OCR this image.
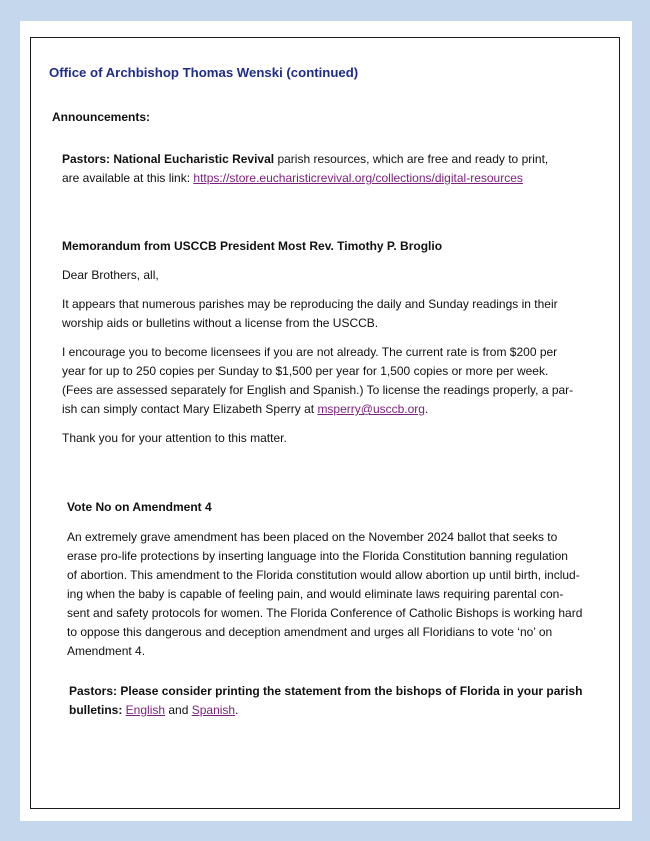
Office of Archbishop Thomas Wenski (continued)
Announcements:
Pastors: National Eucharistic Revival parish resources, which are free and ready to print,
are available at this link: https://store.eucharisticrevival.org/collections/digital-resources
Memorandum from USCCB President Most Rev. Timothy P. Broglio
Dear Brothers, all,
It appears that numerous parishes may be reproducing the daily and Sunday readings in their
worship aids or bulletins without a license from the USCCB.
I encourage you to become licensees if you are not already. The current rate is from $200 per
year for up to 250 copies per Sunday to $1,500 per year for 1,500 copies or more per week.
(Fees are assessed separately for English and Spanish.) To license the readings properly, a par-
ish can simply contact Mary Elizabeth Sperry at msperry@usccb.org.
Thank you for your attention to this matter.
Vote No on Amendment 4
An extremely grave amendment has been placed on the November 2024 ballot that seeks to
erase pro-life protections by inserting language into the Florida Constitution banning regulation
of abortion. This amendment to the Florida constitution would allow abortion up until birth, includ-
ing when the baby is capable of feeling pain, and would eliminate laws requiring parental con-
sent and safety protocols for women. The Florida Conference of Catholic Bishops is working hard
to oppose this dangerous and deception amendment and urges all Floridians to vote ‘no’ on
Amendment 4.
Pastors: Please consider printing the statement from the bishops of Florida in your parish
bulletins: English and Spanish.
